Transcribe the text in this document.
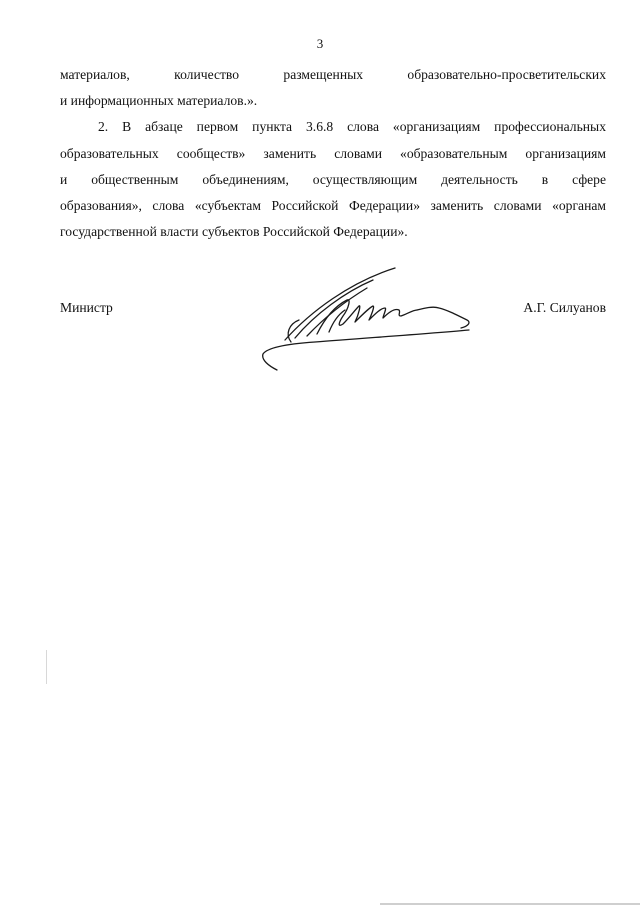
3
материалов, количество размещенных образовательно-просветительских
и информационных материалов.».
2. В абзаце первом пункта 3.6.8 слова «организациям профессиональных
образовательных сообществ» заменить словами «образовательным организациям
и общественным объединениям, осуществляющим деятельность в сфере
образования», слова «субъектам Российской Федерации» заменить словами «органам
государственной власти субъектов Российской Федерации».
Министр	А.Г. Силуанов
